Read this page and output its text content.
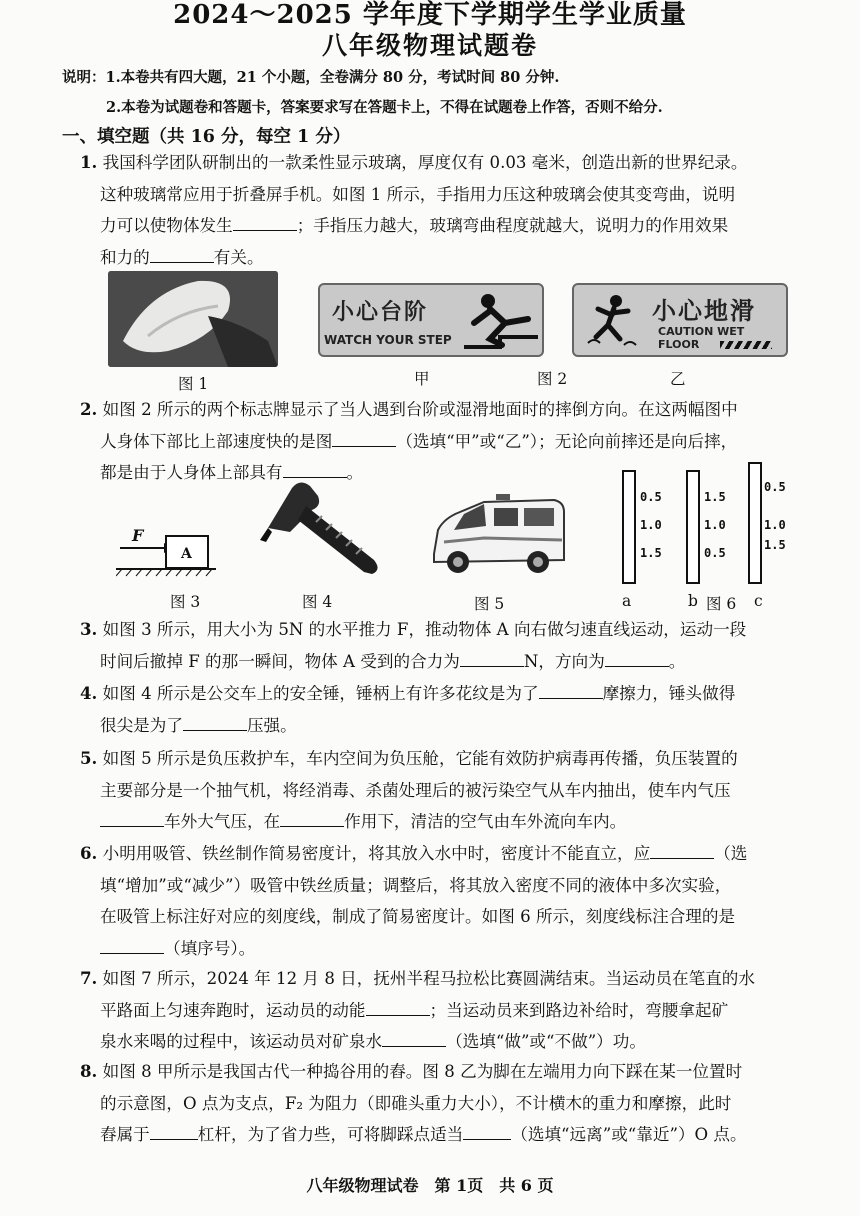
2024～2025 学年度下学期学生学业质量
八年级物理试题卷
说明：1.本卷共有四大题，21 个小题，全卷满分 80 分，考试时间 80 分钟.
2.本卷为试题卷和答题卡，答案要求写在答题卡上，不得在试题卷上作答，否则不给分.
一、填空题（共 16 分，每空 1 分）

1. 我国科学团队研制出的一款柔性显示玻璃，厚度仅有 0.03 毫米，创造出新的世界纪录。

这种玻璃常应用于折叠屏手机。如图 1 所示，手指用力压这种玻璃会使其变弯曲，说明

力可以使物体发生	；手指压力越大，玻璃弯曲程度就越大，说明力的作用效果

和力的	有关。

图 1
小心台阶
WATCH YOUR STEP
甲	图 2
小心地滑
CAUTION WET FLOOR
乙

2. 如图 2 所示的两个标志牌显示了当人遇到台阶或湿滑地面时的摔倒方向。在这两幅图中

人身体下部比上部速度快的是图	（选填“甲”或“乙”）；无论向前摔还是向后摔，

都是由于人身体上部具有	。

F
A
图 3	图 4	图 5
0.5
1.0
1.5
1.5
1.0
0.5
0.5
1.0
1.5
a	b 图 6 c

3. 如图 3 所示，用大小为 5N 的水平推力 F，推动物体 A 向右做匀速直线运动，运动一段

时间后撤掉 F 的那一瞬间，物体 A 受到的合力为	N，方向为	。

4. 如图 4 所示是公交车上的安全锤，锤柄上有许多花纹是为了	摩擦力，锤头做得

很尖是为了	压强。

5. 如图 5 所示是负压救护车，车内空间为负压舱，它能有效防护病毒再传播，负压装置的

主要部分是一个抽气机，将经消毒、杀菌处理后的被污染空气从车内抽出，使车内气压

车外大气压，在	作用下，清洁的空气由车外流向车内。

6. 小明用吸管、铁丝制作简易密度计，将其放入水中时，密度计不能直立，应	（选

填“增加”或“减少”）吸管中铁丝质量；调整后，将其放入密度不同的液体中多次实验，

在吸管上标注好对应的刻度线，制成了简易密度计。如图 6 所示，刻度线标注合理的是

（填序号）。

7. 如图 7 所示，2024 年 12 月 8 日，抚州半程马拉松比赛圆满结束。当运动员在笔直的水

平路面上匀速奔跑时，运动员的动能	；当运动员来到路边补给时，弯腰拿起矿

泉水来喝的过程中，该运动员对矿泉水	（选填“做”或“不做”）功。

8. 如图 8 甲所示是我国古代一种捣谷用的舂。图 8 乙为脚在左端用力向下踩在某一位置时

的示意图，O 点为支点，F₂ 为阻力（即碓头重力大小），不计横木的重力和摩擦，此时

舂属于	杠杆，为了省力些，可将脚踩点适当	（选填“远离”或“靠近”）O 点。

八年级物理试卷　第 1页　共 6 页
